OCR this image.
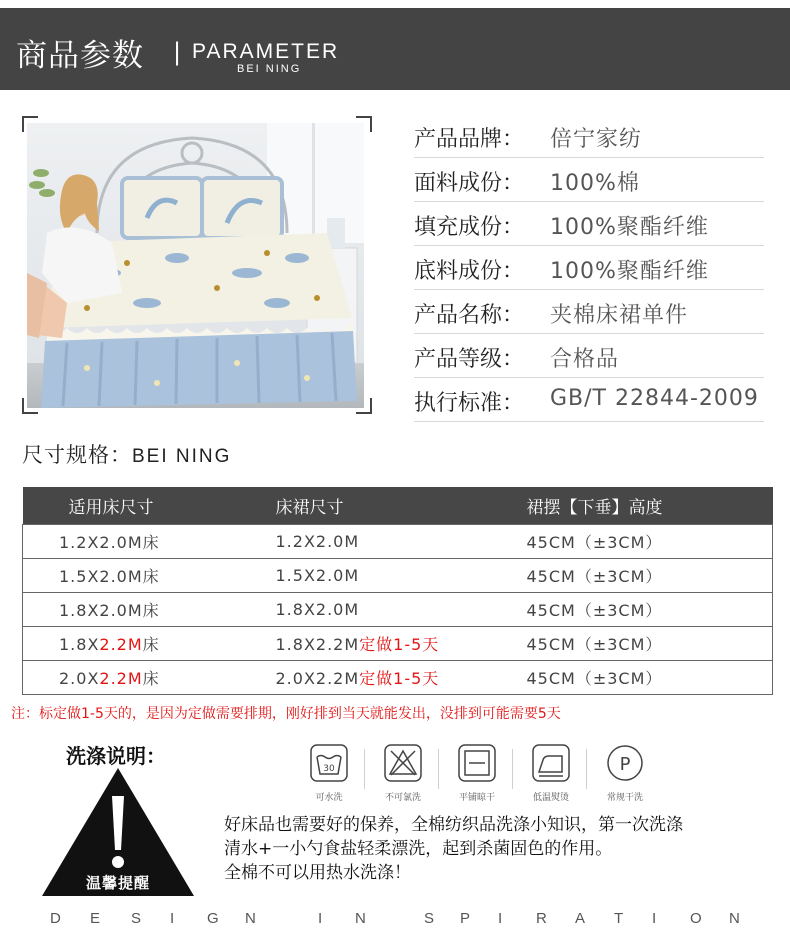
商品参数 | PARAMETER
BEI NING
产品品牌： 倍宁家纺
面料成份： 100%棉
填充成份： 100%聚酯纤维
底料成份： 100%聚酯纤维
产品名称： 夹棉床裙单件
产品等级： 合格品
执行标准： GB/T 22844-2009
尺寸规格：BEI NING
适用床尺寸	床裙尺寸	裙摆【下垂】高度
1.2X2.0M床	1.2X2.0M	45CM（±3CM）
1.5X2.0M床	1.5X2.0M	45CM（±3CM）
1.8X2.0M床	1.8X2.0M	45CM（±3CM）
1.8X2.2M床	1.8X2.2M定做1-5天	45CM（±3CM）
2.0X2.2M床	2.0X2.2M定做1-5天	45CM（±3CM）
注：标定做1-5天的，是因为定做需要排期，刚好排到当天就能发出，没排到可能需要5天
洗涤说明：
温馨提醒
30
可水洗	不可氯洗	平铺晾干	低温熨烫
P
常规干洗
好床品也需要好的保养，全棉纺织品洗涤小知识，第一次洗涤
清水+一小勺食盐轻柔漂洗，起到杀菌固色的作用。
全棉不可以用热水洗涤！
D E S I G N	I N	S P I R A T I O N
